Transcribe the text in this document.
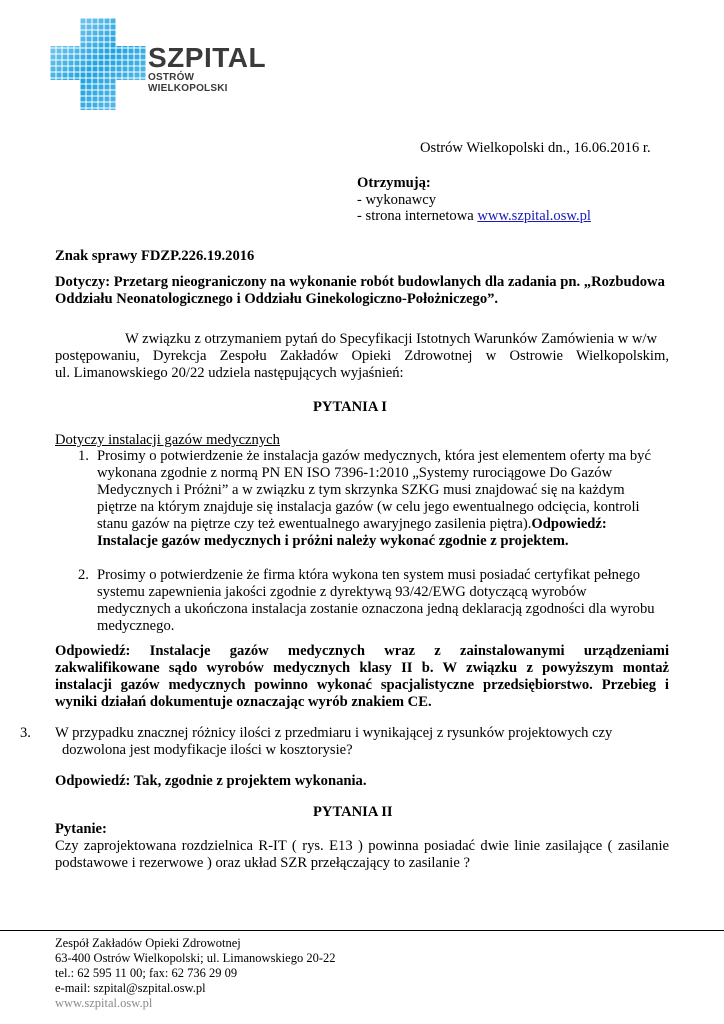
SZPITAL
OSTRÓW WIELKOPOLSKI
Ostrów Wielkopolski dn., 16.06.2016 r.
Otrzymują:
- wykonawcy
- strona internetowa www.szpital.osw.pl
Znak sprawy FDZP.226.19.2016
Dotyczy: Przetarg nieograniczony na wykonanie robót budowlanych dla zadania pn. „Rozbudowa
Oddziału Neonatologicznego i Oddziału Ginekologiczno-Położniczego”.
W związku z otrzymaniem pytań do Specyfikacji Istotnych Warunków Zamówienia w w/w
postępowaniu, Dyrekcja Zespołu Zakładów Opieki Zdrowotnej w Ostrowie Wielkopolskim,
ul. Limanowskiego 20/22 udziela następujących wyjaśnień:
PYTANIA I
Dotyczy instalacji gazów medycznych
1. Prosimy o potwierdzenie że instalacja gazów medycznych, która jest elementem oferty ma być
wykonana zgodnie z normą PN EN ISO 7396-1:2010 „Systemy rurociągowe Do Gazów
Medycznych i Próżni” a w związku z tym skrzynka SZKG musi znajdować się na każdym
piętrze na którym znajduje się instalacja gazów (w celu jego ewentualnego odcięcia, kontroli
stanu gazów na piętrze czy też ewentualnego awaryjnego zasilenia piętra).Odpowiedź:
Instalacje gazów medycznych i próżni należy wykonać zgodnie z projektem.
2. Prosimy o potwierdzenie że firma która wykona ten system musi posiadać certyfikat pełnego
systemu zapewnienia jakości zgodnie z dyrektywą 93/42/EWG dotyczącą wyrobów
medycznych a ukończona instalacja zostanie oznaczona jedną deklaracją zgodności dla wyrobu
medycznego.
Odpowiedź: Instalacje gazów medycznych wraz z zainstalowanymi urządzeniami
zakwalifikowane sądo wyrobów medycznych klasy II b. W związku z powyższym montaż
instalacji gazów medycznych powinno wykonać spacjalistyczne przedsiębiorstwo. Przebieg i
wyniki działań dokumentuje oznaczając wyrób znakiem CE.
3. W przypadku znacznej różnicy ilości z przedmiaru i wynikającej z rysunków projektowych czy
dozwolona jest modyfikacje ilości w kosztorysie?
Odpowiedź: Tak, zgodnie z projektem wykonania.
PYTANIA II
Pytanie:
Czy zaprojektowana rozdzielnica R-IT ( rys. E13 ) powinna posiadać dwie linie zasilające ( zasilanie
podstawowe i rezerwowe ) oraz układ SZR przełączający to zasilanie ?
Zespół Zakładów Opieki Zdrowotnej
63-400 Ostrów Wielkopolski; ul. Limanowskiego 20-22
tel.: 62 595 11 00; fax: 62 736 29 09
e-mail: szpital@szpital.osw.pl
www.szpital.osw.pl
